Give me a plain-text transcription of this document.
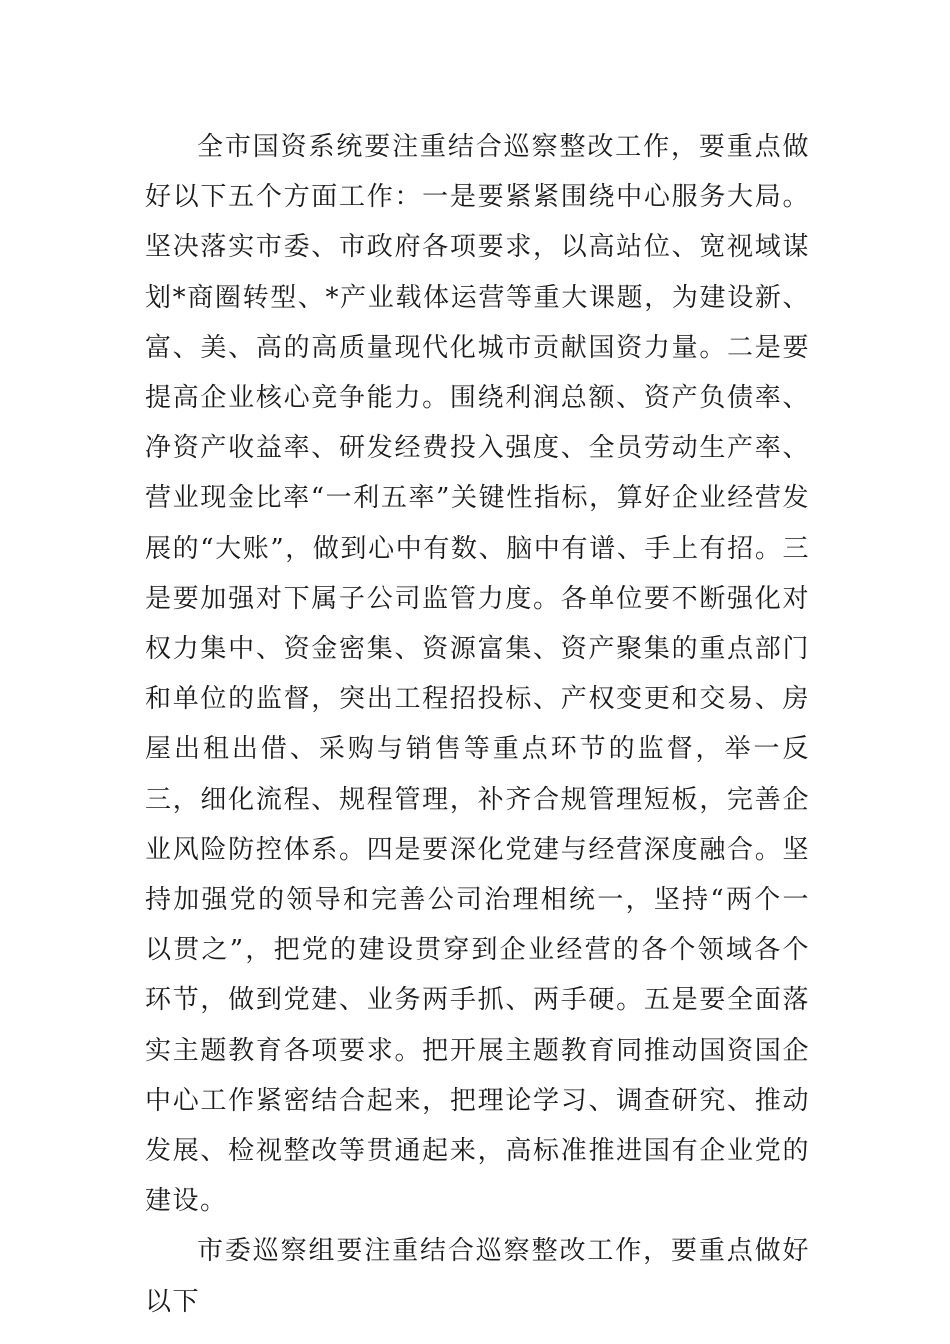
全市国资系统要注重结合巡察整改工作，要重点做好以下五个方面工作：一是要紧紧围绕中心服务大局。坚决落实市委、市政府各项要求，以高站位、宽视域谋划*商圈转型、*产业载体运营等重大课题，为建设新、富、美、高的高质量现代化城市贡献国资力量。二是要提高企业核心竞争能力。围绕利润总额、资产负债率、净资产收益率、研发经费投入强度、全员劳动生产率、营业现金比率“一利五率”关键性指标，算好企业经营发展的“大账”，做到心中有数、脑中有谱、手上有招。三是要加强对下属子公司监管力度。各单位要不断强化对权力集中、资金密集、资源富集、资产聚集的重点部门和单位的监督，突出工程招投标、产权变更和交易、房屋出租出借、采购与销售等重点环节的监督，举一反三，细化流程、规程管理，补齐合规管理短板，完善企业风险防控体系。四是要深化党建与经营深度融合。坚持加强党的领导和完善公司治理相统一，坚持“两个一以贯之”，把党的建设贯穿到企业经营的各个领域各个环节，做到党建、业务两手抓、两手硬。五是要全面落实主题教育各项要求。把开展主题教育同推动国资国企中心工作紧密结合起来，把理论学习、调查研究、推动发展、检视整改等贯通起来，高标准推进国有企业党的建设。

市委巡察组要注重结合巡察整改工作，要重点做好以下
